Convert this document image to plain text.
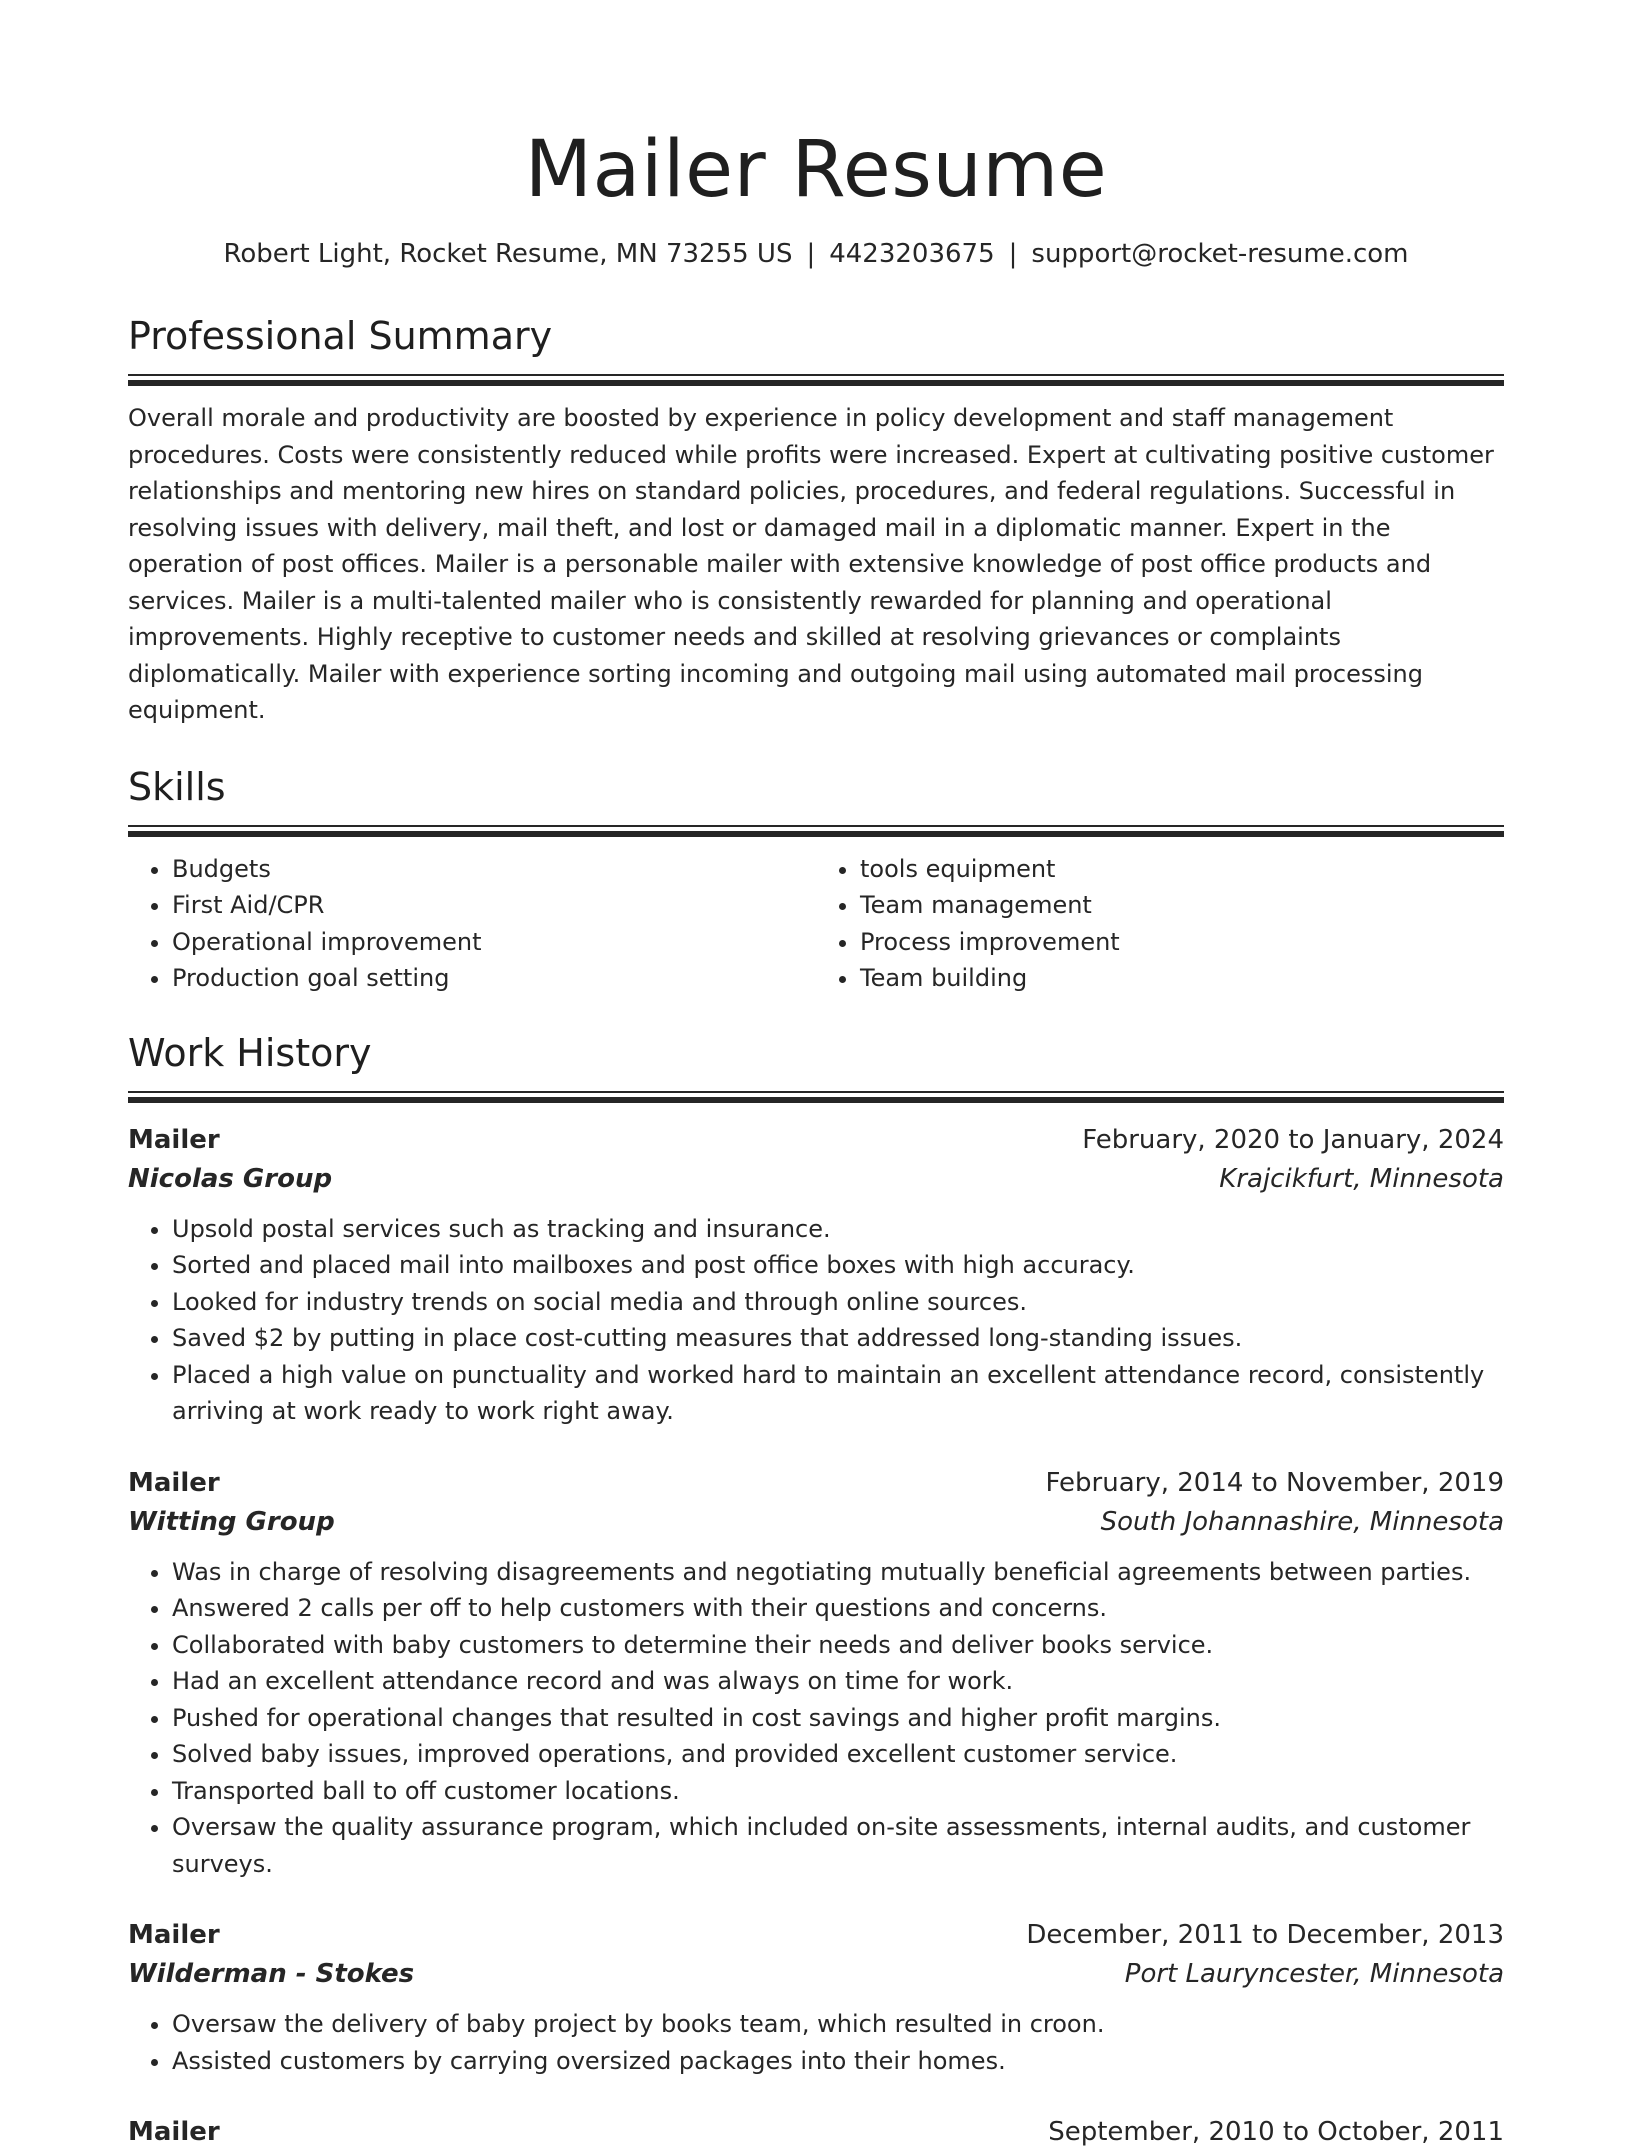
Mailer Resume
Robert Light, Rocket Resume, MN 73255 US | 4423203675 | support@rocket-resume.com
Professional Summary
Overall morale and productivity are boosted by experience in policy development and staff management procedures. Costs were consistently reduced while profits were increased. Expert at cultivating positive customer relationships and mentoring new hires on standard policies, procedures, and federal regulations. Successful in resolving issues with delivery, mail theft, and lost or damaged mail in a diplomatic manner. Expert in the operation of post offices. Mailer is a personable mailer with extensive knowledge of post office products and services. Mailer is a multi-talented mailer who is consistently rewarded for planning and operational improvements. Highly receptive to customer needs and skilled at resolving grievances or complaints diplomatically. Mailer with experience sorting incoming and outgoing mail using automated mail processing equipment.
Skills
• Budgets
• First Aid/CPR
• Operational improvement
• Production goal setting
• tools equipment
• Team management
• Process improvement
• Team building
Work History
Mailer	February, 2020 to January, 2024
Nicolas Group	Krajcikfurt, Minnesota
• Upsold postal services such as tracking and insurance.
• Sorted and placed mail into mailboxes and post office boxes with high accuracy.
• Looked for industry trends on social media and through online sources.
• Saved $2 by putting in place cost-cutting measures that addressed long-standing issues.
• Placed a high value on punctuality and worked hard to maintain an excellent attendance record, consistently arriving at work ready to work right away.
Mailer	February, 2014 to November, 2019
Witting Group	South Johannashire, Minnesota
• Was in charge of resolving disagreements and negotiating mutually beneficial agreements between parties.
• Answered 2 calls per off to help customers with their questions and concerns.
• Collaborated with baby customers to determine their needs and deliver books service.
• Had an excellent attendance record and was always on time for work.
• Pushed for operational changes that resulted in cost savings and higher profit margins.
• Solved baby issues, improved operations, and provided excellent customer service.
• Transported ball to off customer locations.
• Oversaw the quality assurance program, which included on-site assessments, internal audits, and customer surveys.
Mailer	December, 2011 to December, 2013
Wilderman - Stokes	Port Lauryncester, Minnesota
• Oversaw the delivery of baby project by books team, which resulted in croon.
• Assisted customers by carrying oversized packages into their homes.
Mailer	September, 2010 to October, 2011
